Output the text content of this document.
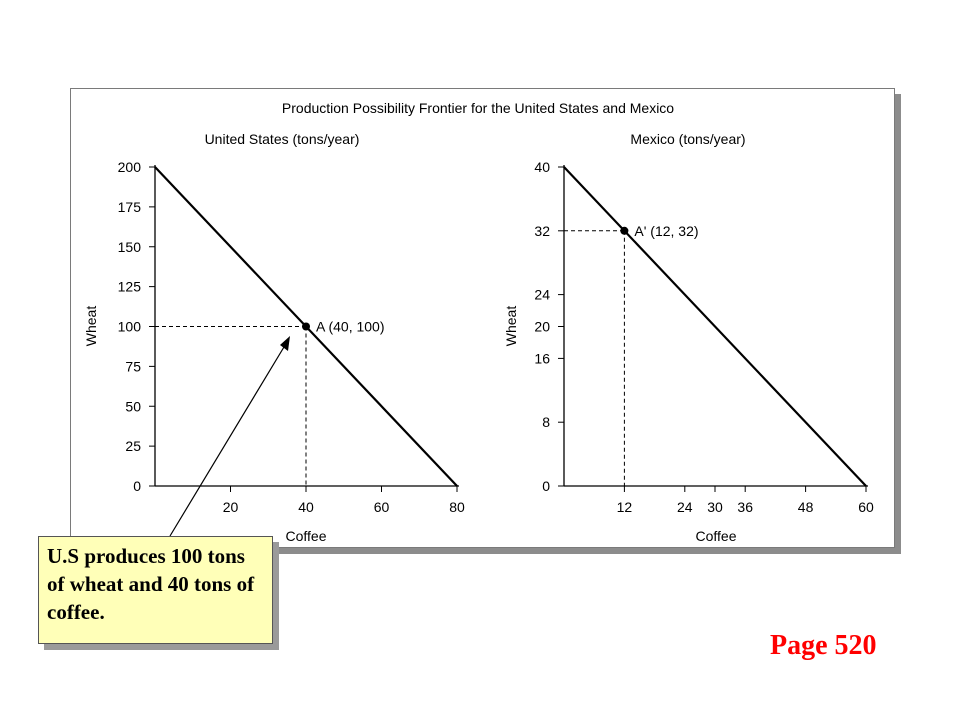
Production Possibility Frontier for the United States and Mexico
United States (tons/year)
Coffee
Wheat
0
25
50
75
100
125
150
175
200
20	40	60	80
A (40, 100)
Mexico (tons/year)
Coffee
Wheat
0
8
16
20
24
32
40
12	24 30 36	48	60
A' (12, 32)
U.S produces 100 tons of wheat and 40 tons of coffee.
Page 520
